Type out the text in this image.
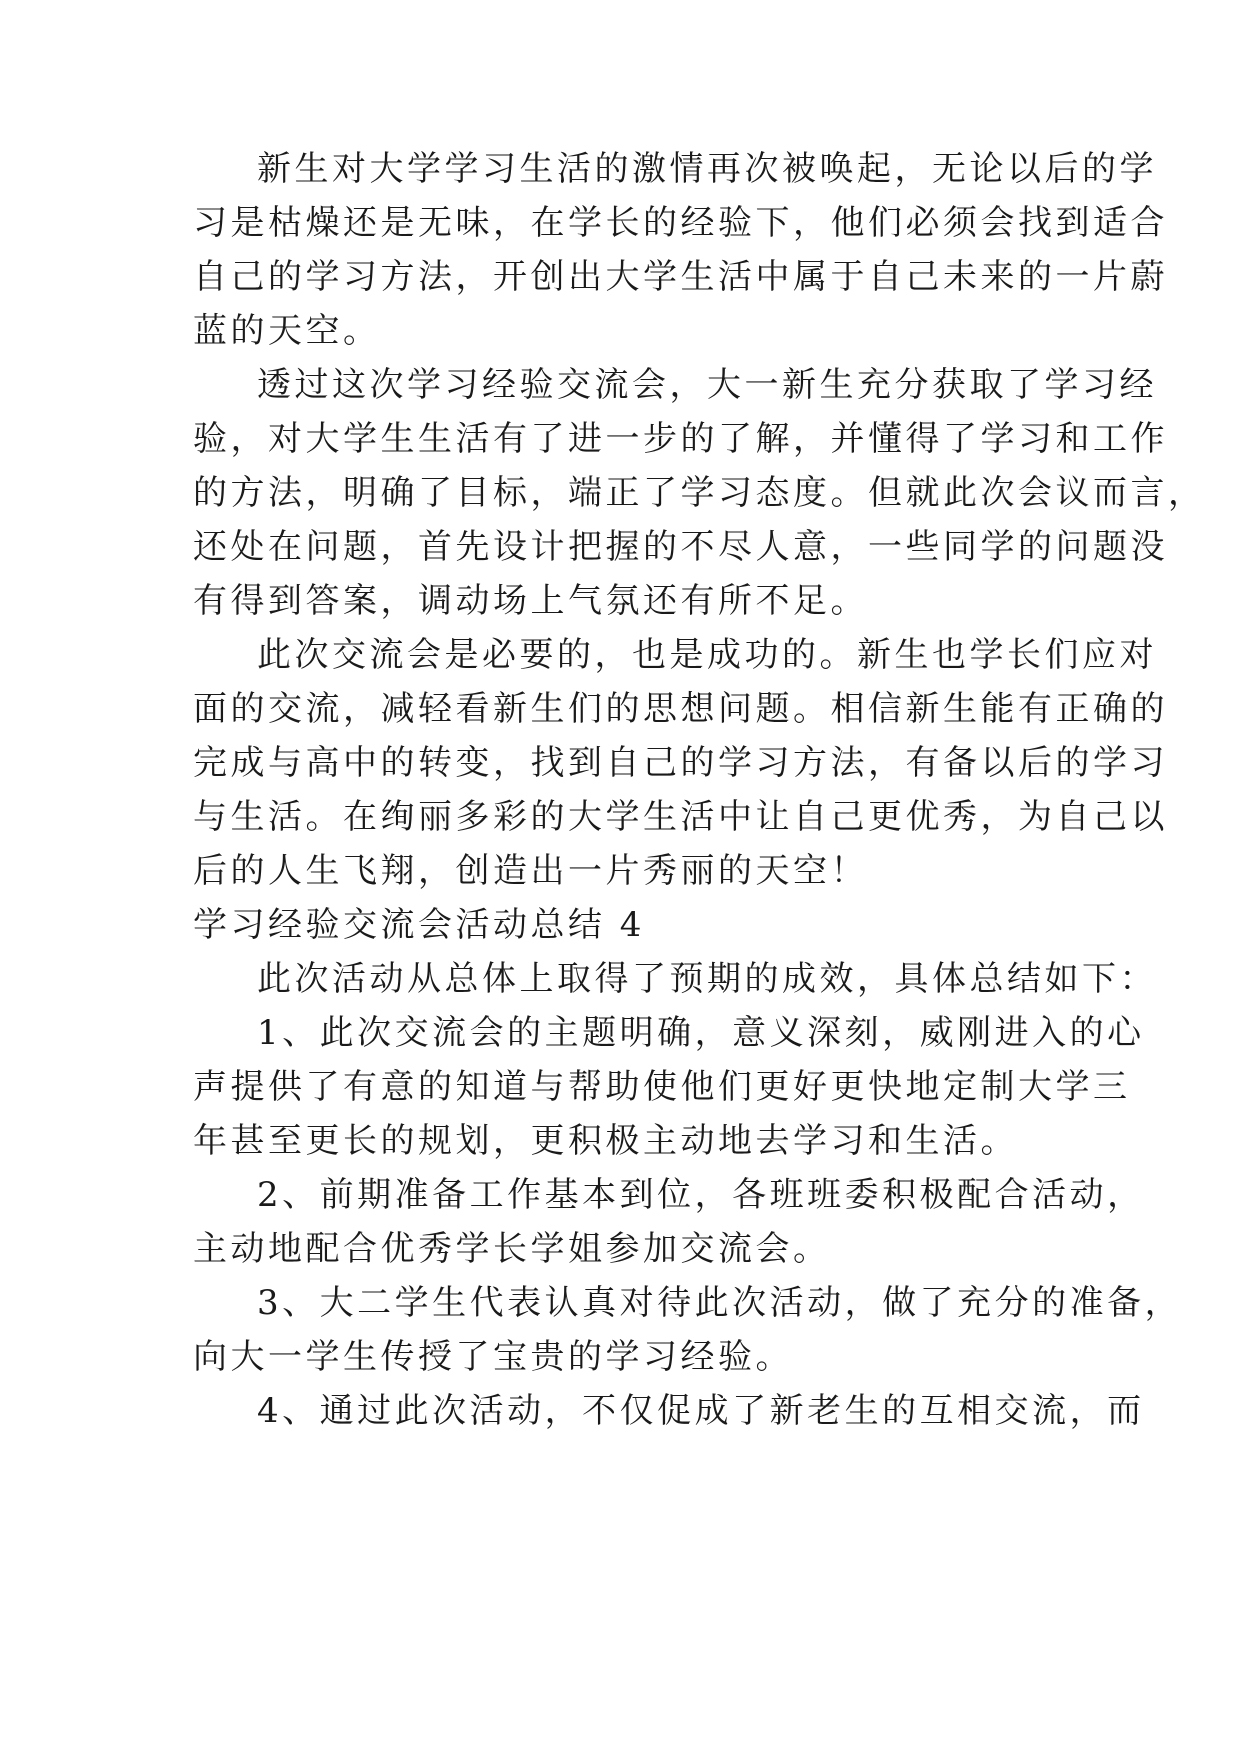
新生对大学学习生活的激情再次被唤起，无论以后的学
习是枯燥还是无味，在学长的经验下，他们必须会找到适合
自己的学习方法，开创出大学生活中属于自己未来的一片蔚
蓝的天空。
透过这次学习经验交流会，大一新生充分获取了学习经
验，对大学生生活有了进一步的了解，并懂得了学习和工作
的方法，明确了目标，端正了学习态度。但就此次会议而言，
还处在问题，首先设计把握的不尽人意，一些同学的问题没
有得到答案，调动场上气氛还有所不足。
此次交流会是必要的，也是成功的。新生也学长们应对
面的交流，减轻看新生们的思想问题。相信新生能有正确的
完成与高中的转变，找到自己的学习方法，有备以后的学习
与生活。在绚丽多彩的大学生活中让自己更优秀，为自己以
后的人生飞翔，创造出一片秀丽的天空！
学习经验交流会活动总结 4
此次活动从总体上取得了预期的成效，具体总结如下：
1、此次交流会的主题明确，意义深刻，威刚进入的心
声提供了有意的知道与帮助使他们更好更快地定制大学三
年甚至更长的规划，更积极主动地去学习和生活。
2、前期准备工作基本到位，各班班委积极配合活动，
主动地配合优秀学长学姐参加交流会。
3、大二学生代表认真对待此次活动，做了充分的准备，
向大一学生传授了宝贵的学习经验。
4、通过此次活动，不仅促成了新老生的互相交流，而
